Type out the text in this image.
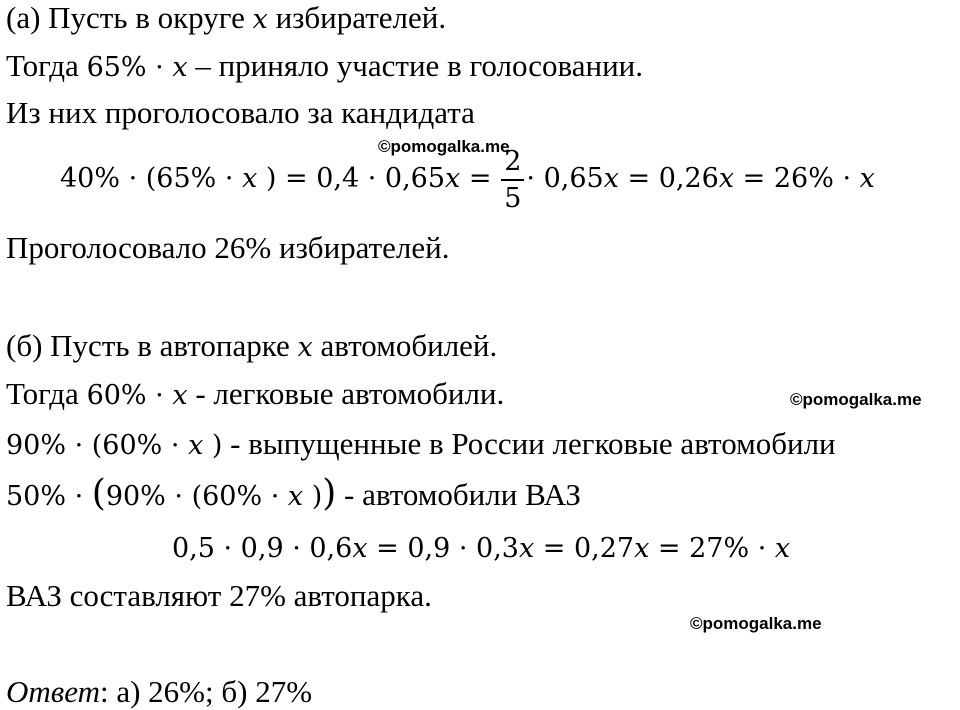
(а) Пусть в округе x избирателей.
Тогда 65% · x – приняло участие в голосовании.
Из них проголосовало за кандидата
©pomogalka.me
40% · (65% · x ) = $0,4 \cdot 0,65x = \frac{2}{5} \cdot 0,65x = 0,26x = 26\% \cdot x$
Проголосовало 26% избирателей.
(б) Пусть в автопарке x автомобилей.
Тогда 60% · x - легковые автомобили.	©pomogalka.me
90% · (60% · x ) - выпущенные в России легковые автомобили
50% · (90% · (60% · x )) - автомобили ВАЗ
0,5 · 0,9 · 0,6x = 0,9 · 0,3x = 0,27x = 27% · x
ВАЗ составляют 27% автопарка.
©pomogalka.me
Ответ: а) 26%; б) 27%
